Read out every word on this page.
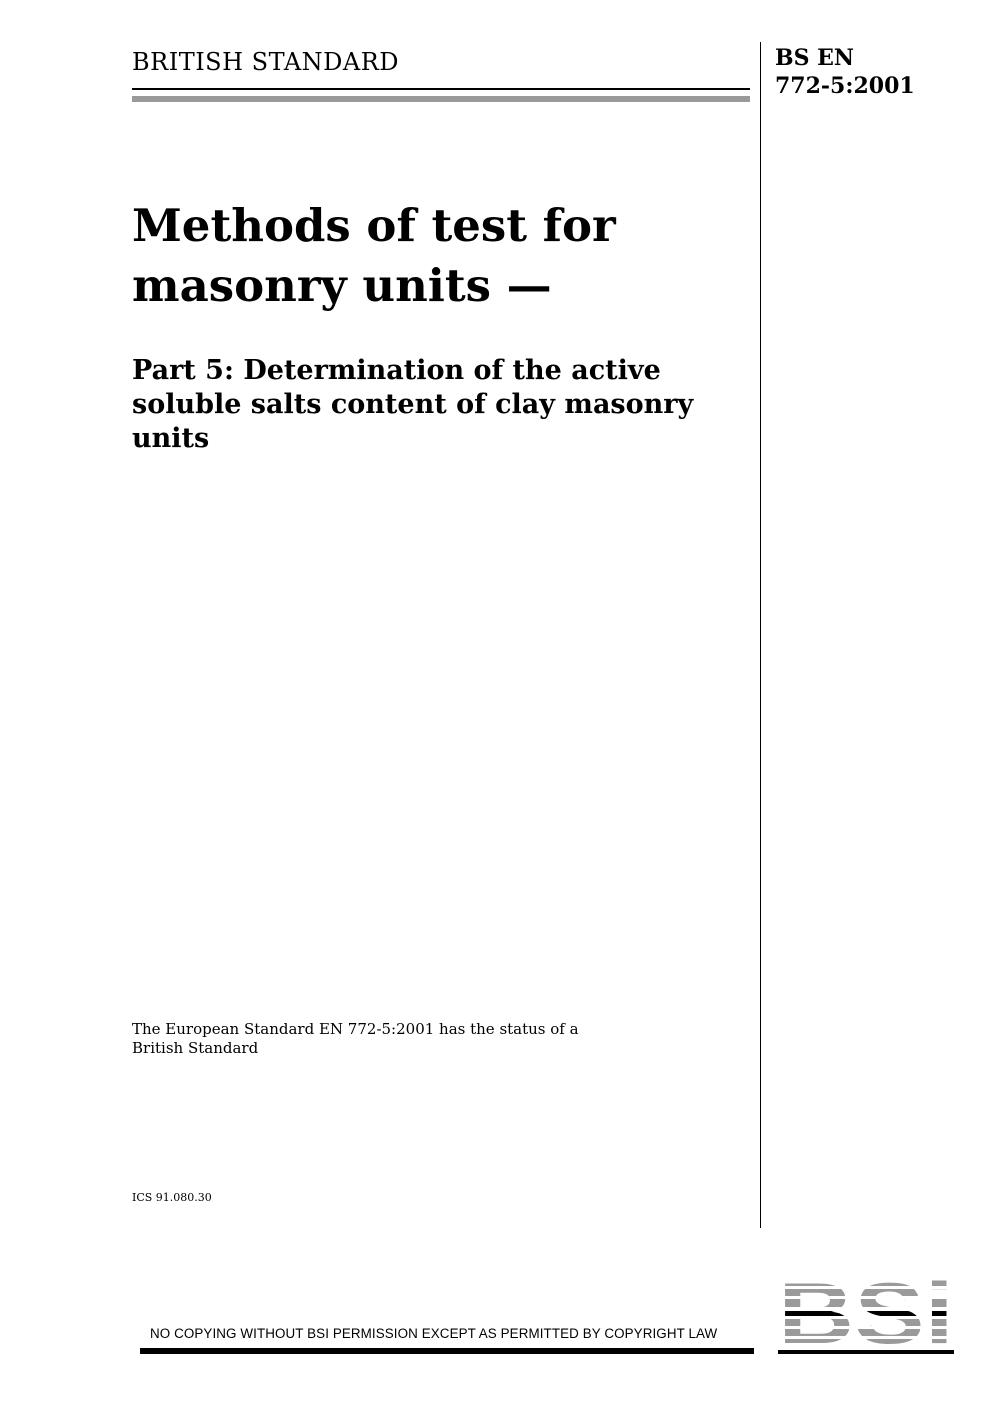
BRITISH STANDARD	BS EN
772-5:2001
Methods of test for
masonry units —
Part 5: Determination of the active
soluble salts content of clay masonry
units
The European Standard EN 772-5:2001 has the status of a
British Standard
ICS 91.080.30
NO COPYING WITHOUT BSI PERMISSION EXCEPT AS PERMITTED BY COPYRIGHT LAW
